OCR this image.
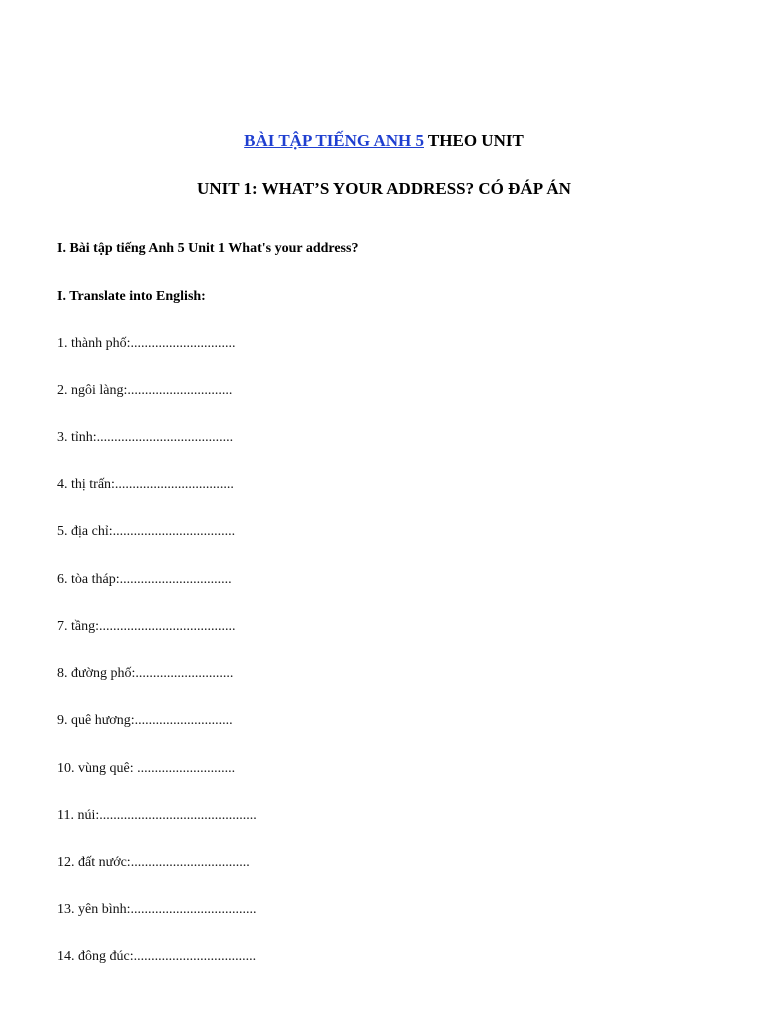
BÀI TẬP TIẾNG ANH 5 THEO UNIT
UNIT 1: WHAT’S YOUR ADDRESS? CÓ ĐÁP ÁN
I. Bài tập tiếng Anh 5 Unit 1 What's your address?
I. Translate into English:
1. thành phố:..............................
2. ngôi làng:..............................
3. tỉnh:.......................................
4. thị trấn:..................................
5. địa chỉ:...................................
6. tòa tháp:................................
7. tầng:.......................................
8. đường phố:............................
9. quê hương:............................
10. vùng quê: ............................
11. núi:.............................................
12. đất nước:..................................
13. yên bình:....................................
14. đông đúc:...................................
